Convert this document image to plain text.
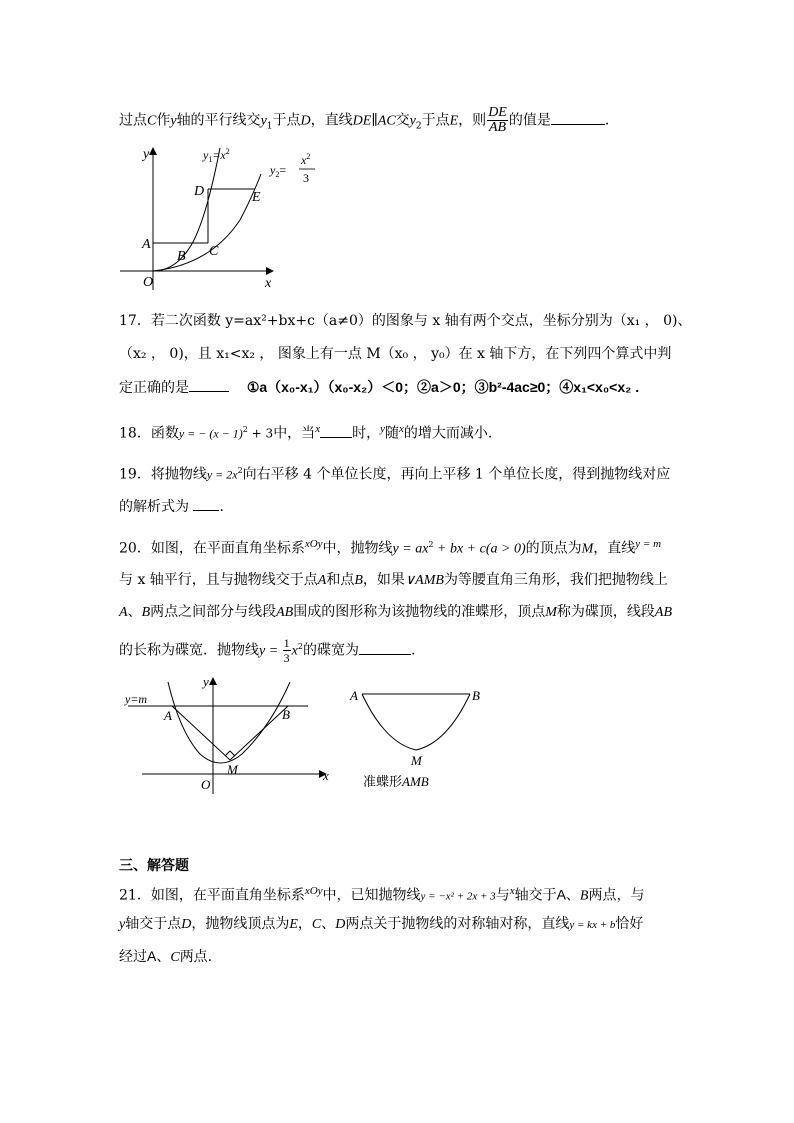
过点C作y轴的平行线交$y_1$于点D，直线DE∥AC交$y_2$于点E，则 $\frac{DE}{AB}$ 的值是	.
y
x
O
A
B C
D	E
$y_1=x^2$
$y_2=$
$x^2$
3
17．若二次函数 y=ax²+bx+c（a≠0）的图象与 x 轴有两个交点，坐标分别为（x₁ ， 0)、
（x₂ ， 0)，且 x₁<x₂ ， 图象上有一点 M（x₀ ， y₀）在 x 轴下方，在下列四个算式中判
定正确的是	①a（x₀-x₁）（x₀-x₂）＜0；②a＞0；③b²-4ac≥0；④x₁<x₀<x₂ .
18．函数y = − $(x - 1)^2 + 3$中，当$^x$ 时，$^y$随$^x$的增大而减小.
19．将抛物线$y = 2x^2$向右平移 4 个单位长度，再向上平移 1 个单位长度，得到抛物线对应
的解析式为 .
20．如图，在平面直角坐标系$^{xOy}$中，抛物线$y = ax^2$ + bx + c(a > 0)的顶点为M，直线$^{y = m}$
与 x 轴平行，且与抛物线交于点A和点B，如果∨AMB为等腰直角三角形，我们把抛物线上
A、B两点之间部分与线段AB围成的图形称为该抛物线的准蝶形，顶点M称为碟顶，线段AB
的长称为碟宽．抛物线$y = \frac{1}{3} x^2$的碟宽为	.
y=m
y
x
O
A	B
M
A	B
M
准蝶形AMB
三、解答题
21．如图，在平面直角坐标系$^{xOy}$中，已知抛物线y = −x² + 2x + 3与$^x$轴交于A、B两点，与
y轴交于点D，抛物线顶点为E，C、D两点关于抛物线的对称轴对称，直线y = kx + b恰好
经过A、C两点.
